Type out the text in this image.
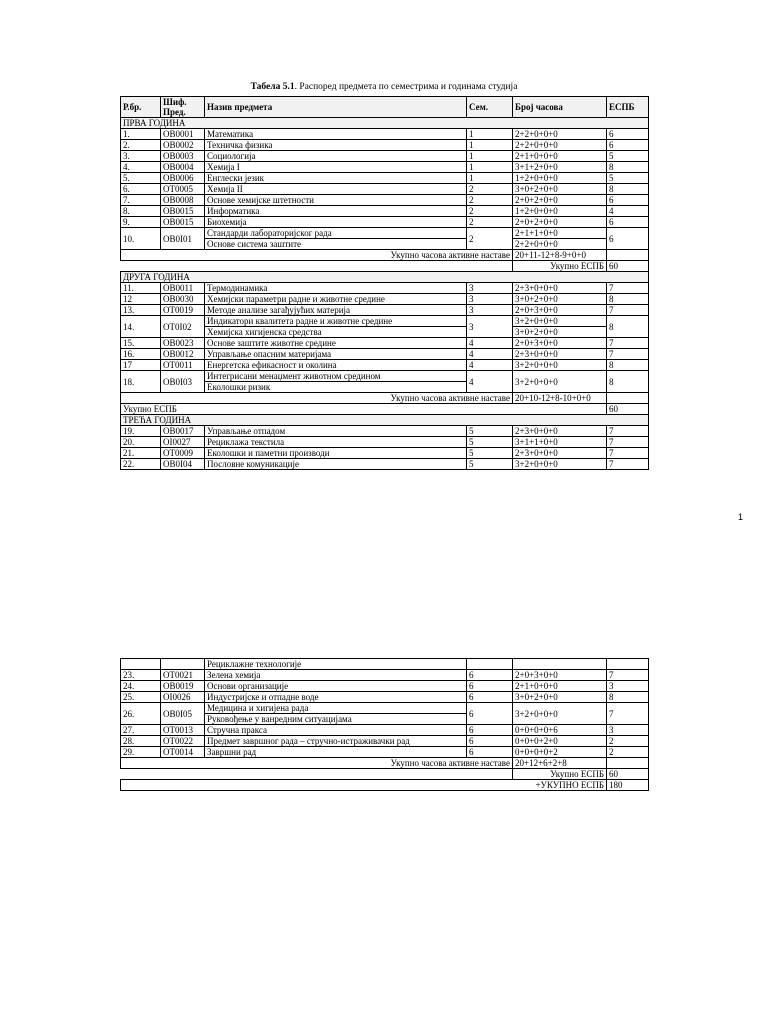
Табела 5.1. Распоред предмета по семестрима и годинама студија
Р.бр.	Шиф. Пред.	Назив предмета	Сем.	Број часова	ЕСПБ
ПРВА ГОДИНА					
1.	OB0001	Математика	1	2+2+0+0+0	6
2.	OB0002	Техничка физика	1	2+2+0+0+0	6
3.	OB0003	Социологија	1	2+1+0+0+0	5
4.	OB0004	Хемија I	1	3+1+2+0+0	8
5.	OB0006	Енглески језик	1	1+2+0+0+0	5
6.	OT0005	Хемија II	2	3+0+2+0+0	8
7.	OB0008	Основе хемијске штетности	2	2+0+2+0+0	6
8.	OB0015	Информатика	2	1+2+0+0+0	4
9.	OB0015	Биохемија	2	2+0+2+0+0	6
10.	OB0I01	Стандарди лабораторијског рада	2	2+1+1+0+0	6
		Основе система заштите		2+2+0+0+0	
Укупно часова активне наставе				20+11-12+8-9+0+0	
				Укупно ЕСПБ	60
ДРУГА ГОДИНА					
11.	OB0011	Термодинамика	3	2+3+0+0+0	7
12	OB0030	Хемијски параметри радне и животне средине	3	3+0+2+0+0	8
13.	OT0019	Методе анализе загађујућих материја	3	2+0+3+0+0	7
14.	OT0I02	Индикатори квалитета радне и животне средине	3	3+2+0+0+0	8
		Хемијска хигијенска средства		3+0+2+0+0	
15.	OB0023	Основе заштите животне средине	4	2+0+3+0+0	7
16.	OB0012	Управљање опасним материјама	4	2+3+0+0+0	7
17	OT0011	Енергетска ефикасност и околина	4	3+2+0+0+0	8
18.	OB0I03	Интегрисани менаџмент животном средином	4	3+2+0+0+0	8
		Еколошки ризик			
Укупно часова активне наставе				20+10-12+8-10+0+0	
Укупно ЕСПБ					60
ТРЕЋА ГОДИНА					
19.	OB0017	Управљање отпадом	5	2+3+0+0+0	7
20.	OI0027	Рециклажа текстила	5	3+1+1+0+0	7
21.	OT0009	Еколошки и паметни производи	5	2+3+0+0+0	7
22.	OB0I04	Пословне комуникације	5	3+2+0+0+0	7
1
		Рециклажне технологије			
23.	OT0021	Зелена хемија	6	2+0+3+0+0	7
24.	OB0019	Основи организације	6	2+1+0+0+0	3
25.	OI0026	Индустријске и отпадне воде	6	3+0+2+0+0	8
26.	OB0I05	Медицина и хигијена рада	6	3+2+0+0+0	7
		Руковођење у ванредним ситуацијама			
27.	OT0013	Стручна пракса	6	0+0+0+0+6	3
28.	OT0022	Предмет завршног рада – стручно-истраживачки рад	6	0+0+0+2+0	2
29.	OT0014	Завршни рад	6	0+0+0+0+2	2
Укупно часова активне наставе				20+12+6+2+8	
				Укупно ЕСПБ	60
+УКУПНО ЕСПБ					180
